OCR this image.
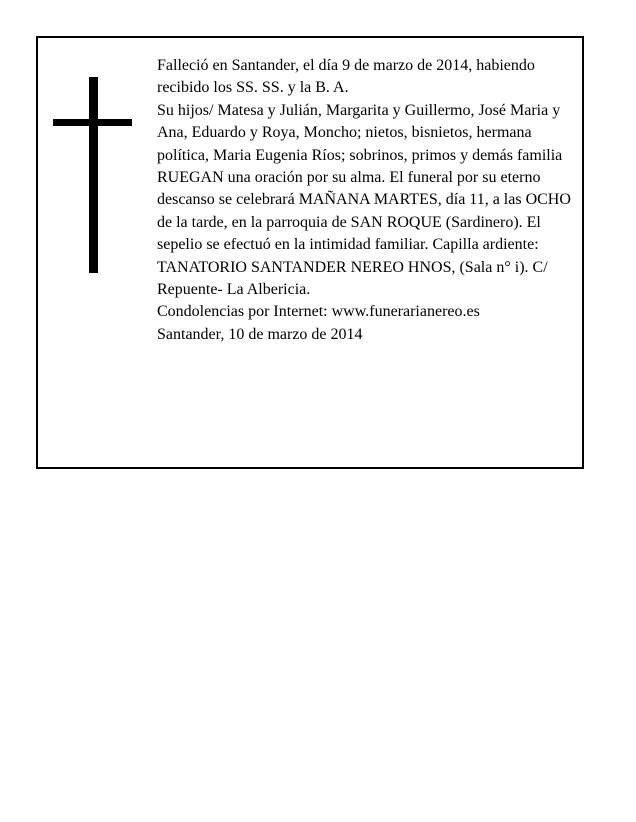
Falleció en Santander, el día 9 de marzo de 2014, habiendo recibido los SS. SS. y la B. A.

Su hijos/ Matesa y Julián, Margarita y Guillermo, José Maria y Ana, Eduardo y Roya, Moncho; nietos, bisnietos, hermana política, Maria Eugenia Ríos; sobrinos, primos y demás familia

RUEGAN una oración por su alma. El funeral por su eterno descanso se celebrará MAÑANA MARTES, día 11, a las OCHO de la tarde, en la parroquia de SAN ROQUE (Sardinero). El sepelio se efectuó en la intimidad familiar. Capilla ardiente: TANATORIO SANTANDER NEREO HNOS, (Sala n° i). C/ Repuente- La Albericia.

Condolencias por Internet: www.funerarianereo.es

Santander, 10 de marzo de 2014
